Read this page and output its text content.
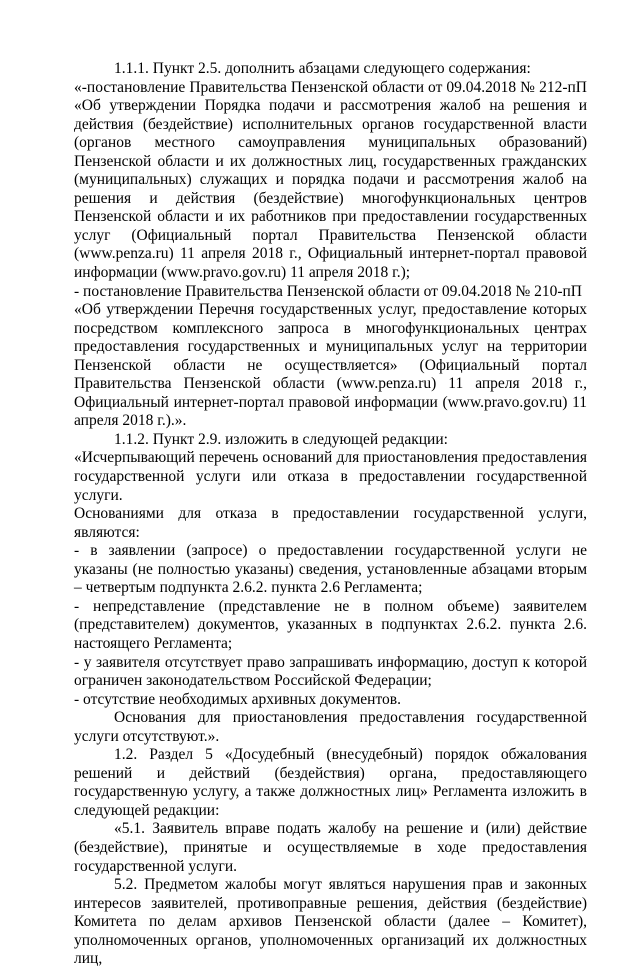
1.1.1. Пункт 2.5. дополнить абзацами следующего содержания:

«-постановление Правительства Пензенской области от 09.04.2018 № 212-пП «Об утверждении Порядка подачи и рассмотрения жалоб на решения и действия (бездействие) исполнительных органов государственной власти (органов местного самоуправления муниципальных образований) Пензенской области и их должностных лиц, государственных гражданских (муниципальных) служащих и порядка подачи и рассмотрения жалоб на решения и действия (бездействие) многофункциональных центров Пензенской области и их работников при предоставлении государственных услуг (Официальный портал Правительства Пензенской области (www.penza.ru) 11 апреля 2018 г., Официальный интернет-портал правовой информации (www.pravo.gov.ru) 11 апреля 2018 г.);

- постановление Правительства Пензенской области от 09.04.2018 № 210-пП

«Об утверждении Перечня государственных услуг, предоставление которых посредством комплексного запроса в многофункциональных центрах предоставления государственных и муниципальных услуг на территории Пензенской области не осуществляется» (Официальный портал Правительства Пензенской области (www.penza.ru) 11 апреля 2018 г., Официальный интернет-портал правовой информации (www.pravo.gov.ru) 11 апреля 2018 г.).».

1.1.2. Пункт 2.9. изложить в следующей редакции:

«Исчерпывающий перечень оснований для приостановления предоставления государственной услуги или отказа в предоставлении государственной услуги.

Основаниями для отказа в предоставлении государственной услуги, являются:

- в заявлении (запросе) о предоставлении государственной услуги не указаны (не полностью указаны) сведения, установленные абзацами вторым – четвертым подпункта 2.6.2. пункта 2.6 Регламента;

- непредставление (представление не в полном объеме) заявителем (представителем) документов, указанных в подпунктах 2.6.2. пункта 2.6. настоящего Регламента;

- у заявителя отсутствует право запрашивать информацию, доступ к которой ограничен законодательством Российской Федерации;

- отсутствие необходимых архивных документов.

Основания для приостановления предоставления государственной услуги отсутствуют.».

1.2. Раздел 5 «Досудебный (внесудебный) порядок обжалования решений и действий (бездействия) органа, предоставляющего государственную услугу, а также должностных лиц» Регламента изложить в следующей редакции:

«5.1. Заявитель вправе подать жалобу на решение и (или) действие (бездействие), принятые и осуществляемые в ходе предоставления государственной услуги.

5.2. Предметом жалобы могут являться нарушения прав и законных интересов заявителей, противоправные решения, действия (бездействие) Комитета по делам архивов Пензенской области (далее – Комитет), уполномоченных органов, уполномоченных организаций их должностных лиц,
